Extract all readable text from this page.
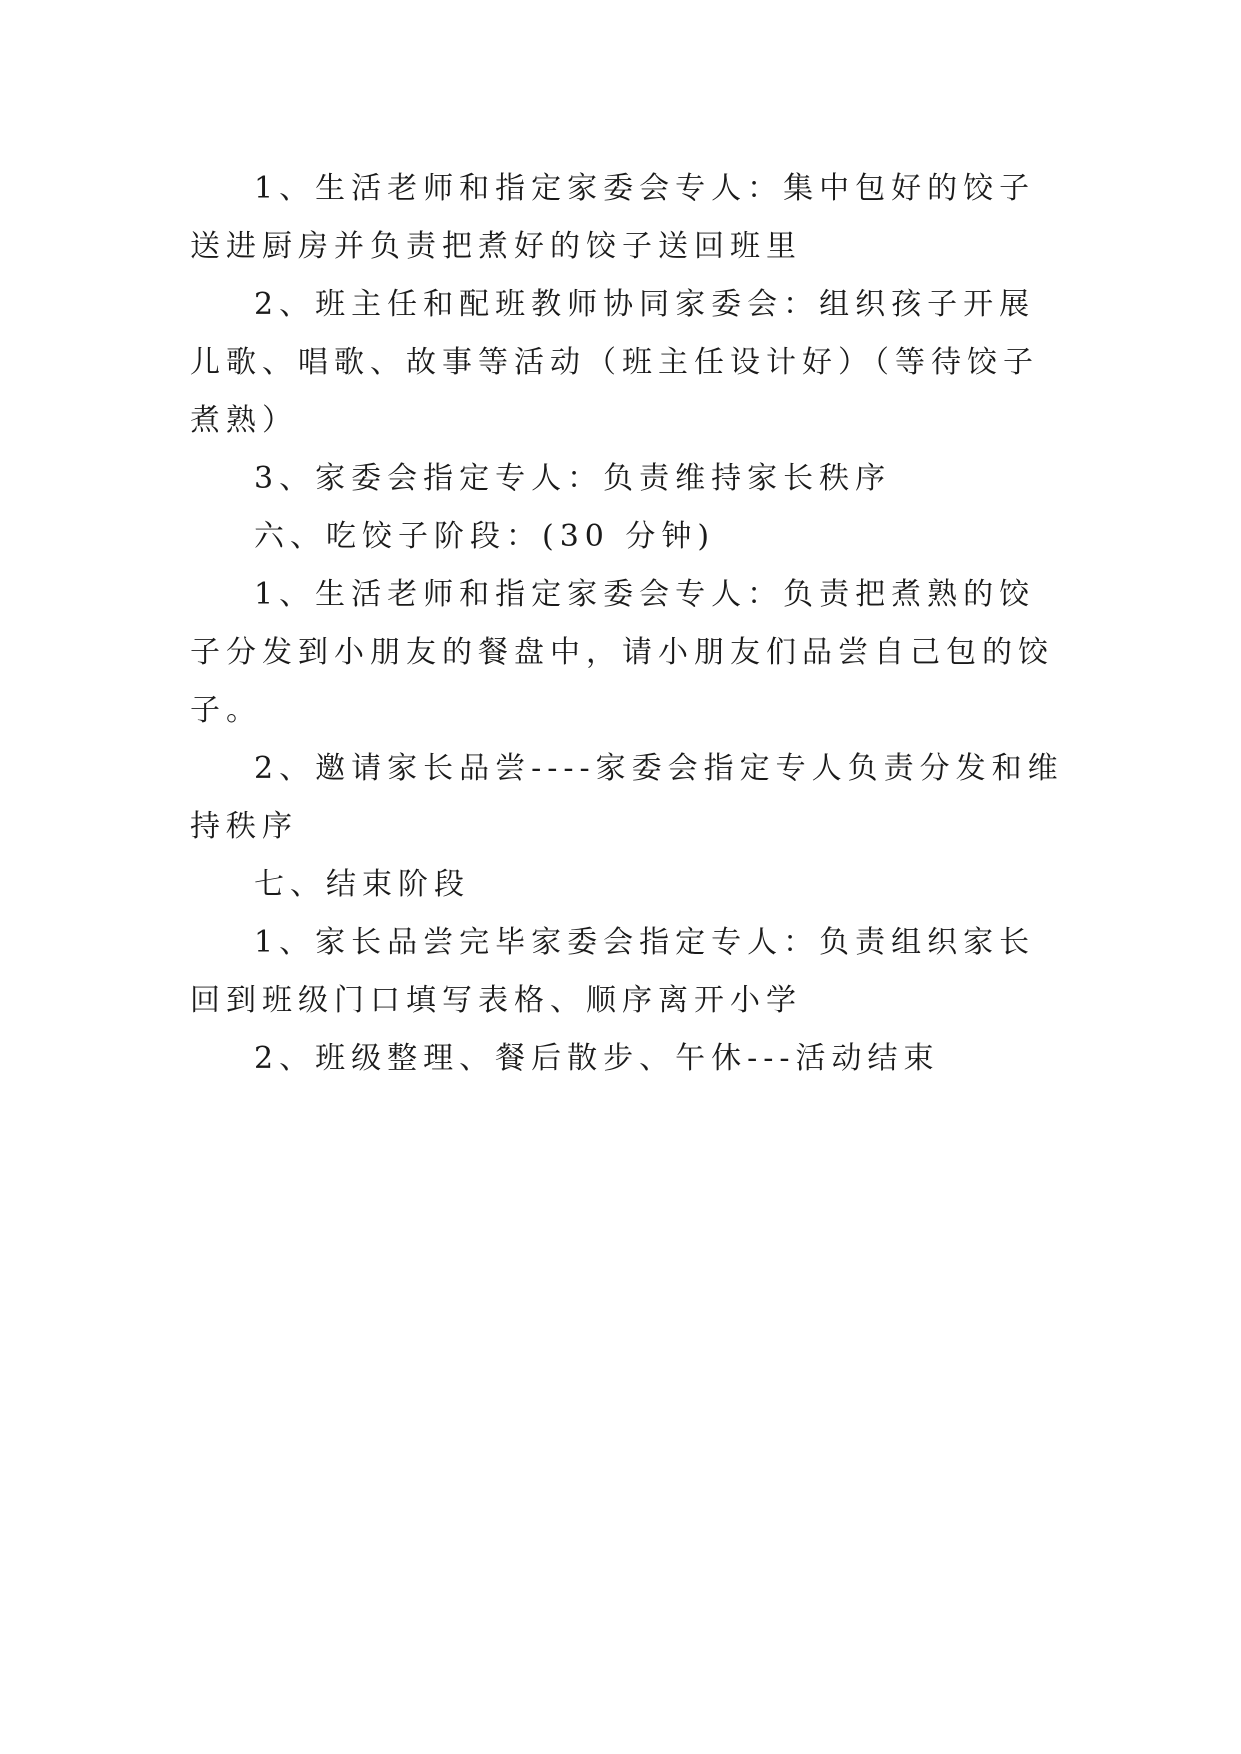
1、生活老师和指定家委会专人：集中包好的饺子送进厨房并负责把煮好的饺子送回班里

2、班主任和配班教师协同家委会：组织孩子开展儿歌、唱歌、故事等活动（班主任设计好）（等待饺子煮熟）

3、家委会指定专人：负责维持家长秩序

六、吃饺子阶段：(30 分钟)

1、生活老师和指定家委会专人：负责把煮熟的饺子分发到小朋友的餐盘中，请小朋友们品尝自己包的饺子。

2、邀请家长品尝----家委会指定专人负责分发和维持秩序

七、结束阶段

1、家长品尝完毕家委会指定专人：负责组织家长回到班级门口填写表格、顺序离开小学

2、班级整理、餐后散步、午休---活动结束
